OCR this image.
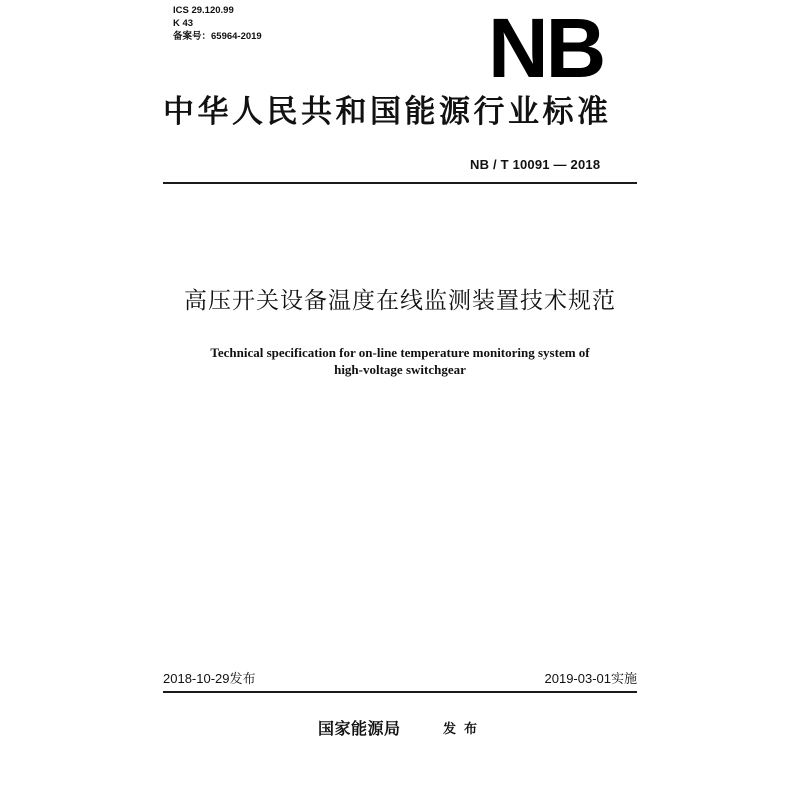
ICS 29.120.99
K 43
备案号：65964-2019	NB
中华人民共和国能源行业标准
NB / T 10091 — 2018
高压开关设备温度在线监测装置技术规范
Technical specification for on-line temperature monitoring system of
high-voltage switchgear
2018-10-29发布	2019-03-01实施
国家能源局	发布
